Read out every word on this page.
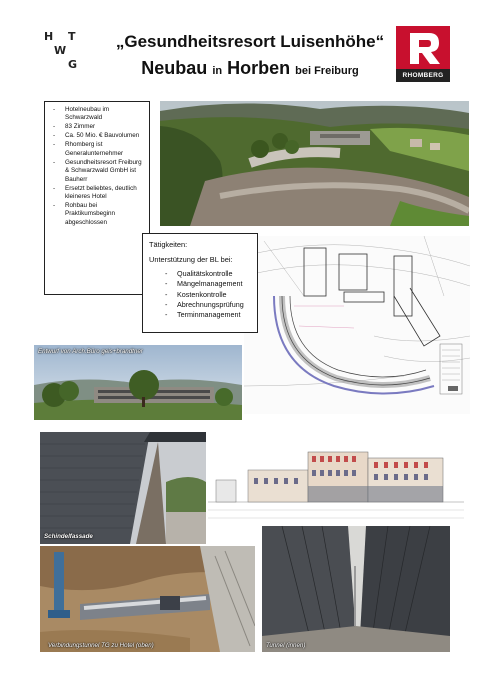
H T
W
G
„Gesundheitsresort Luisenhöhe“
Neubau in Horben bei Freiburg	RHOMBERG
- Hotelneubau im Schwarzwald
- 83 Zimmer
- Ca. 50 Mio. € Bauvolumen
- Rhomberg ist Generalunternehmer
- Gesundheitsresort Freiburg & Schwarzwald GmbH ist Bauherr
- Ersetzt beliebtes, deutlich kleineres Hotel
- Rohbau bei Praktikumsbeginn abgeschlossen
Tätigkeiten:
Unterstützung der BL bei:
- Qualitätskontrolle
- Mängelmanagement
- Kostenkontrolle
- Abrechnungsprüfung
- Terminmanagement
Entwurf von Arch.Büro geis+brandtner
Schindelfassade
Verbindungstunnel TG zu Hotel (oben)	Tunnel (innen)
